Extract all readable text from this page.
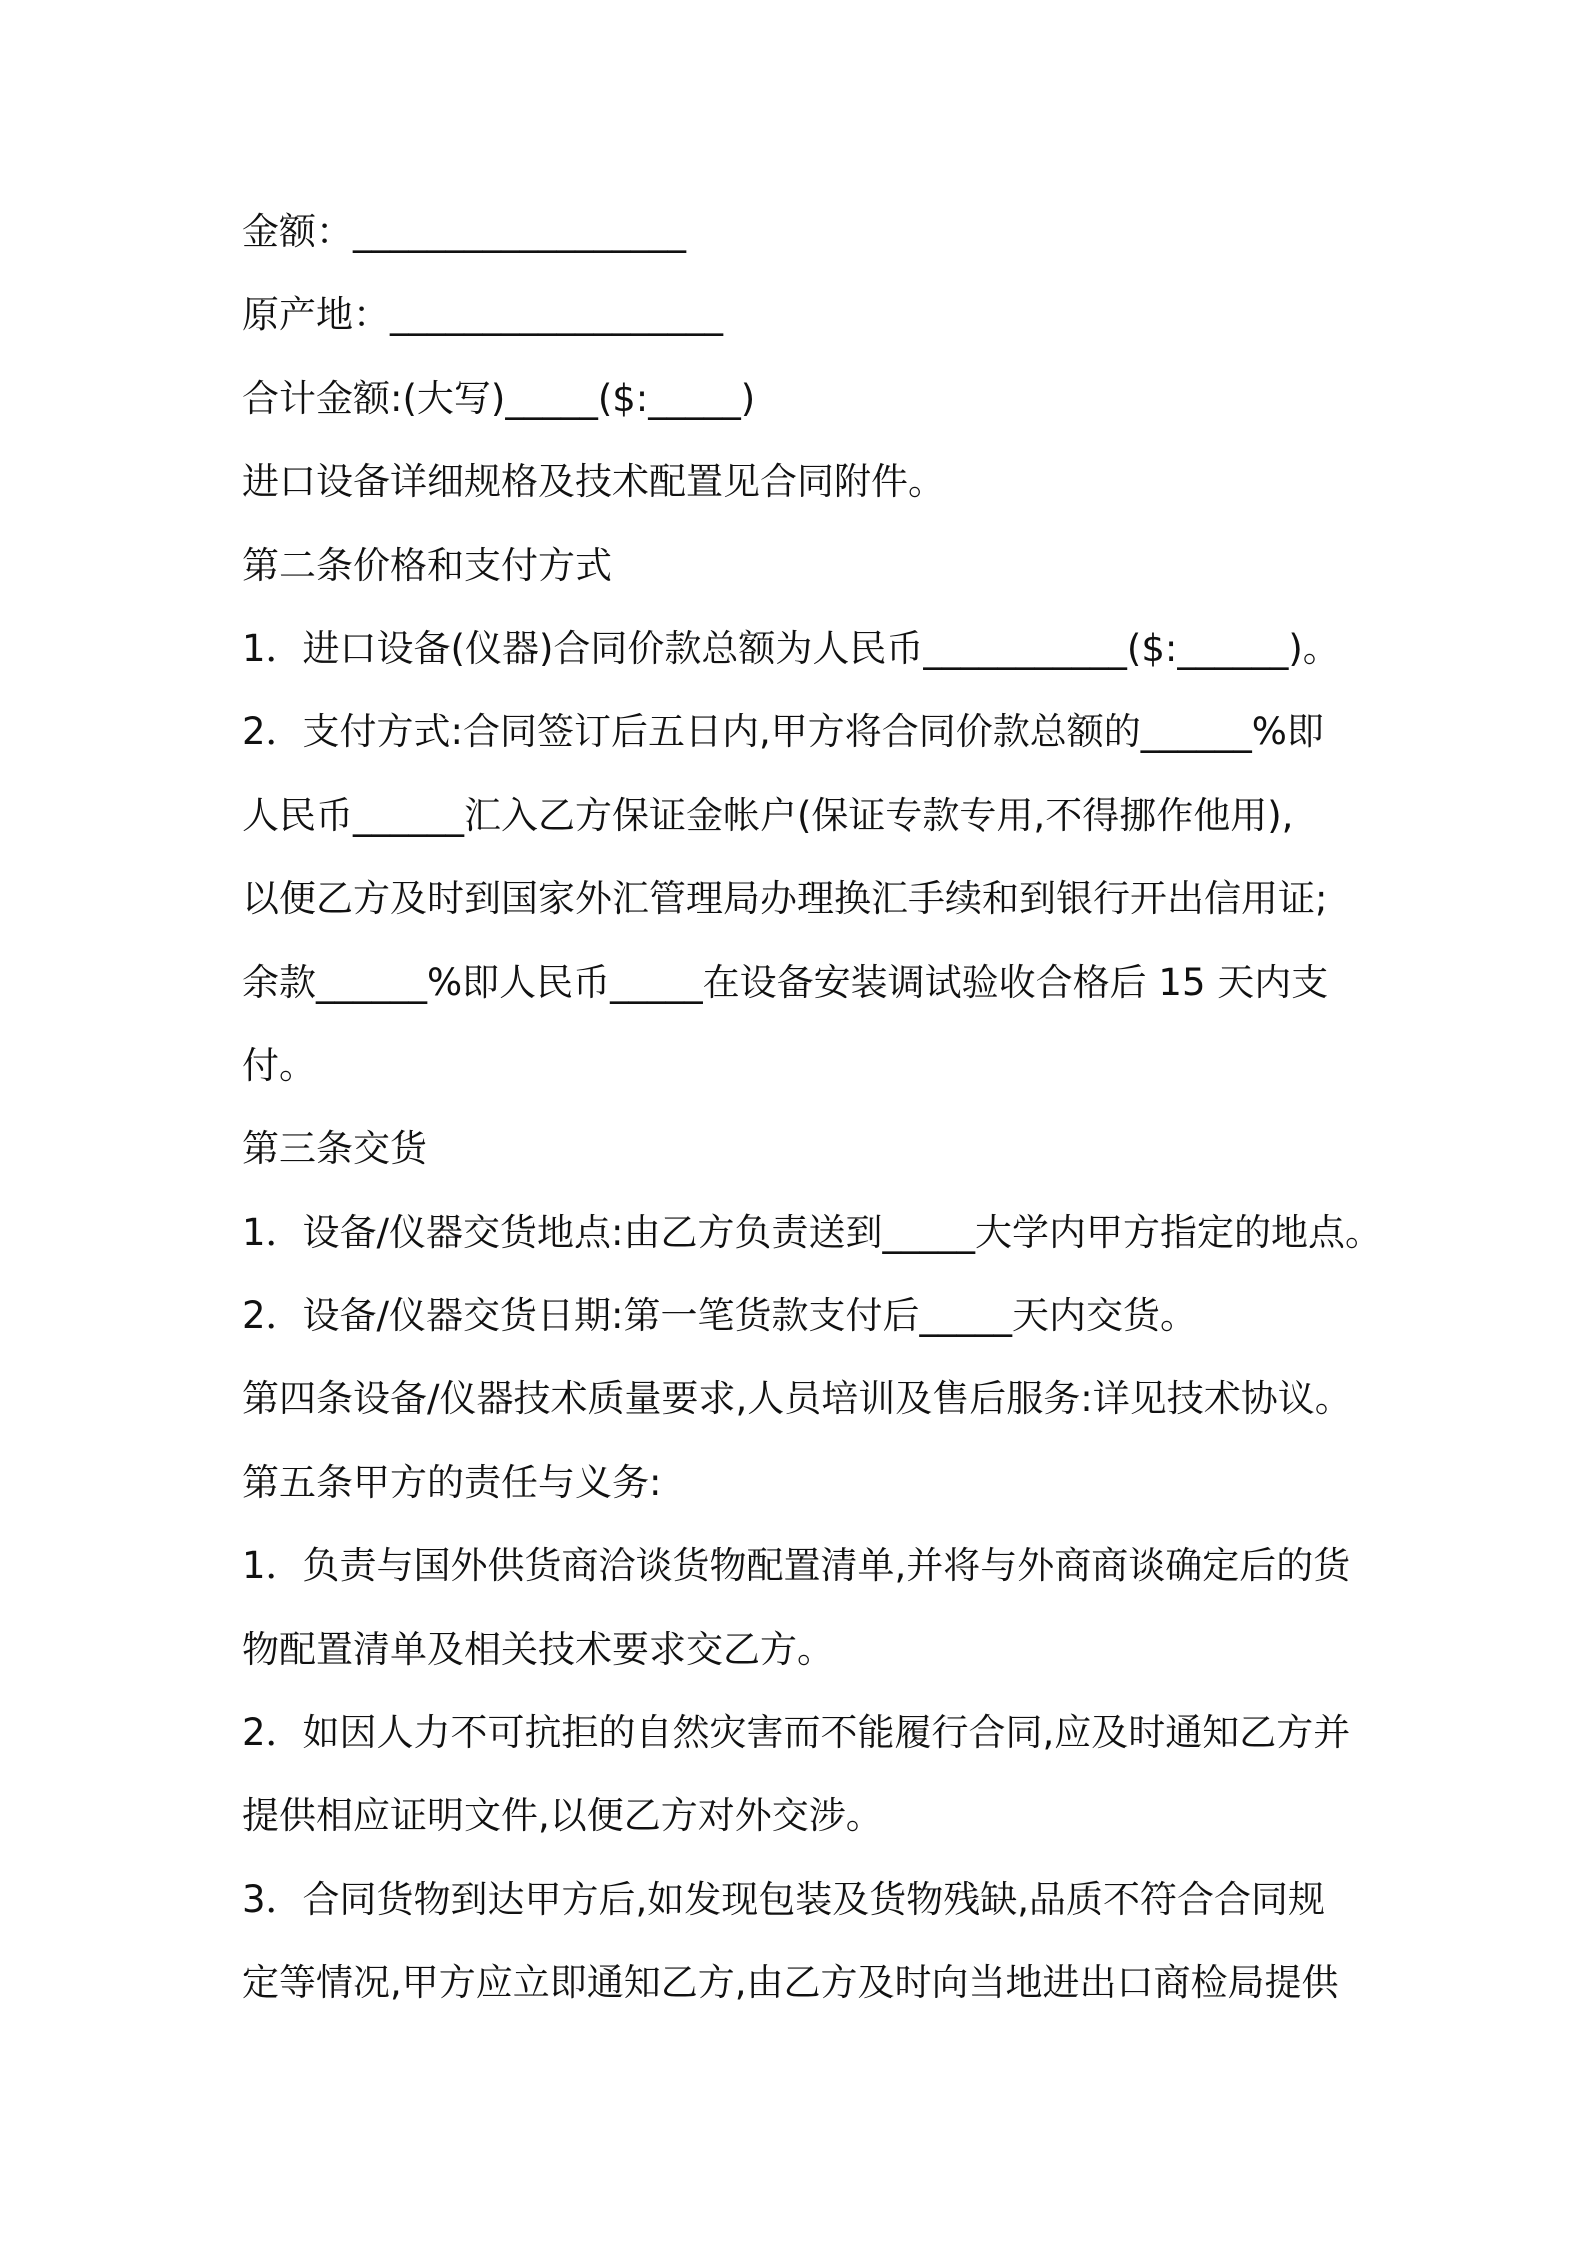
金额：__________________

原产地：__________________

合计金额:(大写)_____($:_____)

进口设备详细规格及技术配置见合同附件。

第二条价格和支付方式

1．进口设备(仪器)合同价款总额为人民币___________($:______)。

2．支付方式:合同签订后五日内,甲方将合同价款总额的______%即

人民币______汇入乙方保证金帐户(保证专款专用,不得挪作他用),

以便乙方及时到国家外汇管理局办理换汇手续和到银行开出信用证;

余款______%即人民币_____在设备安装调试验收合格后 15 天内支

付。

第三条交货

1．设备/仪器交货地点:由乙方负责送到_____大学内甲方指定的地点。

2．设备/仪器交货日期:第一笔货款支付后_____天内交货。

第四条设备/仪器技术质量要求,人员培训及售后服务:详见技术协议。

第五条甲方的责任与义务:

1．负责与国外供货商洽谈货物配置清单,并将与外商商谈确定后的货

物配置清单及相关技术要求交乙方。

2．如因人力不可抗拒的自然灾害而不能履行合同,应及时通知乙方并

提供相应证明文件,以便乙方对外交涉。

3．合同货物到达甲方后,如发现包装及货物残缺,品质不符合合同规

定等情况,甲方应立即通知乙方,由乙方及时向当地进出口商检局提供
